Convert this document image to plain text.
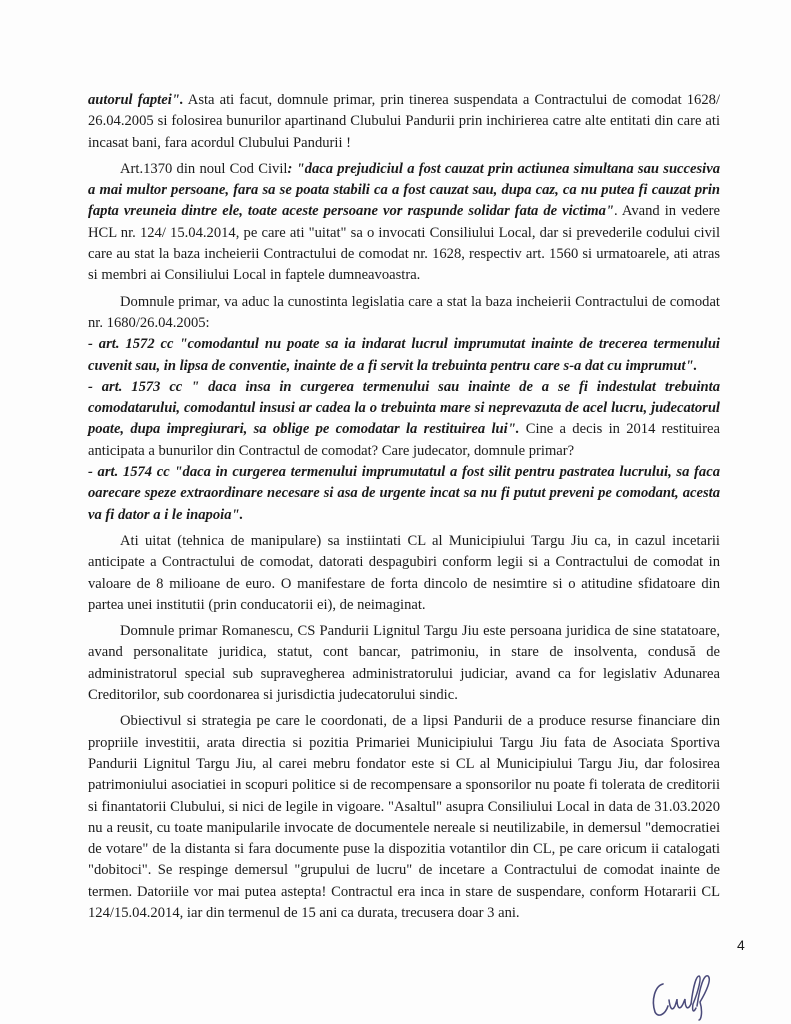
autorul faptei". Asta ati facut, domnule primar, prin tinerea suspendata a Contractului de comodat 1628/ 26.04.2005 si folosirea bunurilor apartinand Clubului Pandurii prin inchirierea catre alte entitati din care ati incasat bani, fara acordul Clubului Pandurii !

Art.1370 din noul Cod Civil: "daca prejudiciul a fost cauzat prin actiunea simultana sau succesiva a mai multor persoane, fara sa se poata stabili ca a fost cauzat sau, dupa caz, ca nu putea fi cauzat prin fapta vreuneia dintre ele, toate aceste persoane vor raspunde solidar fata de victima". Avand in vedere HCL nr. 124/ 15.04.2014, pe care ati "uitat" sa o invocati Consiliului Local, dar si prevederile codului civil care au stat la baza incheierii Contractului de comodat nr. 1628, respectiv art. 1560 si urmatoarele, ati atras si membri ai Consiliului Local in faptele dumneavoastra.

Domnule primar, va aduc la cunostinta legislatia care a stat la baza incheierii Contractului de comodat nr. 1680/26.04.2005:

- art. 1572 cc "comodantul nu poate sa ia indarat lucrul imprumutat inainte de trecerea termenului cuvenit sau, in lipsa de conventie, inainte de a fi servit la trebuinta pentru care s-a dat cu imprumut".

- art. 1573 cc " daca insa in curgerea termenului sau inainte de a se fi indestulat trebuinta comodatarului, comodantul insusi ar cadea la o trebuinta mare si neprevazuta de acel lucru, judecatorul poate, dupa impregiurari, sa oblige pe comodatar la restituirea lui". Cine a decis in 2014 restituirea anticipata a bunurilor din Contractul de comodat? Care judecator, domnule primar?

- art. 1574 cc "daca in curgerea termenului imprumutatul a fost silit pentru pastratea lucrului, sa faca oarecare speze extraordinare necesare si asa de urgente incat sa nu fi putut preveni pe comodant, acesta va fi dator a i le inapoia".

Ati uitat (tehnica de manipulare) sa instiintati CL al Municipiului Targu Jiu ca, in cazul incetarii anticipate a Contractului de comodat, datorati despagubiri conform legii si a Contractului de comodat in valoare de 8 milioane de euro. O manifestare de forta dincolo de nesimtire si o atitudine sfidatoare din partea unei institutii (prin conducatorii ei), de neimaginat.

Domnule primar Romanescu, CS Pandurii Lignitul Targu Jiu este persoana juridica de sine statatoare, avand personalitate juridica, statut, cont bancar, patrimoniu, in stare de insolventa, condusă de administratorul special sub supravegherea administratorului judiciar, avand ca for legislativ Adunarea Creditorilor, sub coordonarea si jurisdictia judecatorului sindic.

Obiectivul si strategia pe care le coordonati, de a lipsi Pandurii de a produce resurse financiare din propriile investitii, arata directia si pozitia Primariei Municipiului Targu Jiu fata de Asociata Sportiva Pandurii Lignitul Targu Jiu, al carei mebru fondator este si CL al Municipiului Targu Jiu, dar folosirea patrimoniului asociatiei in scopuri politice si de recompensare a sponsorilor nu poate fi tolerata de creditorii si finantatorii Clubului, si nici de legile in vigoare. "Asaltul" asupra Consiliului Local in data de 31.03.2020 nu a reusit, cu toate manipularile invocate de documentele nereale si neutilizabile, in demersul "democratiei de votare" de la distanta si fara documente puse la dispozitia votantilor din CL, pe care oricum ii catalogati "dobitoci". Se respinge demersul "grupului de lucru" de incetare a Contractului de comodat inainte de termen. Datoriile vor mai putea astepta! Contractul era inca in stare de suspendare, conform Hotararii CL 124/15.04.2014, iar din termenul de 15 ani ca durata, trecusera doar 3 ani.

4
